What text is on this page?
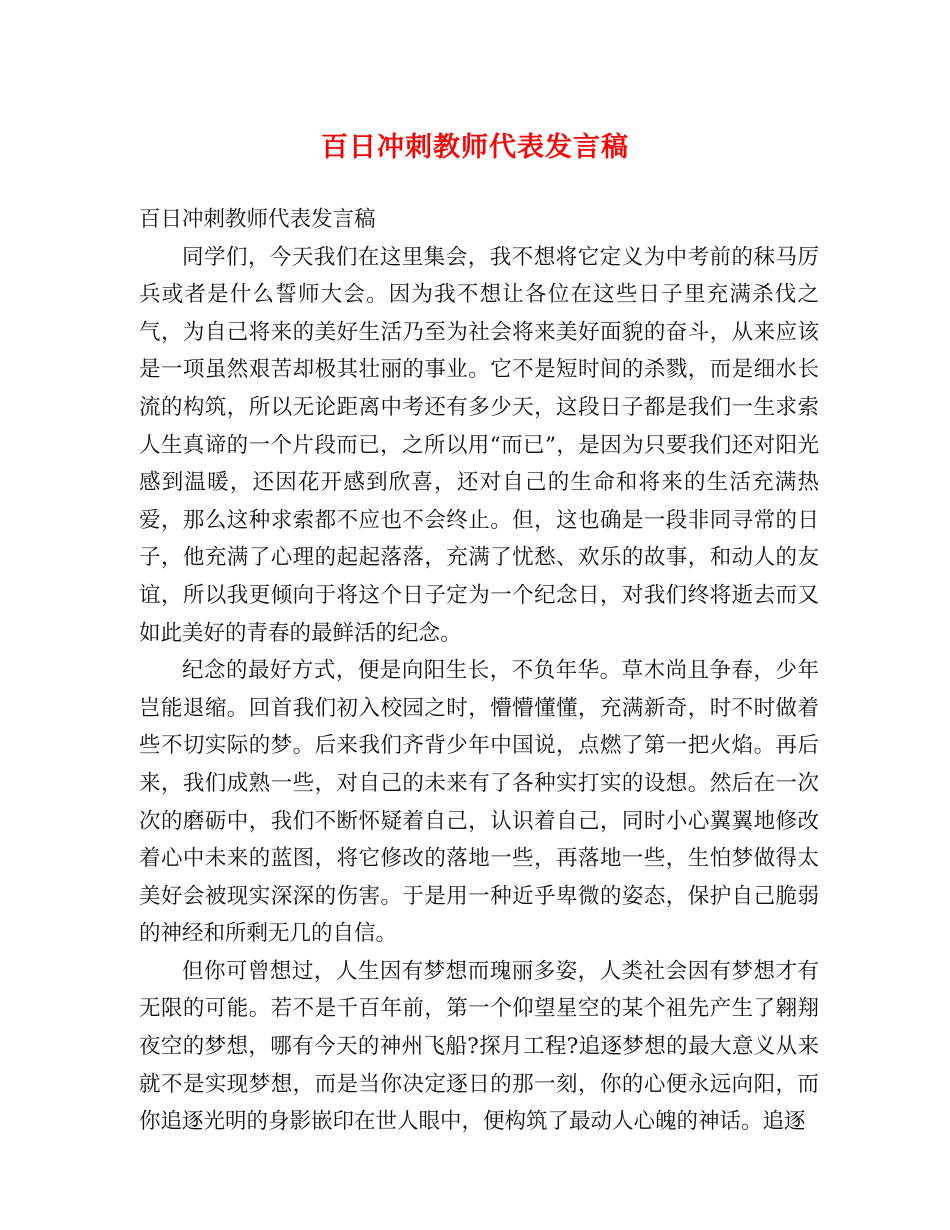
百日冲刺教师代表发言稿

百日冲刺教师代表发言稿

同学们，今天我们在这里集会，我不想将它定义为中考前的秣马厉兵或者是什么誓师大会。因为我不想让各位在这些日子里充满杀伐之气，为自己将来的美好生活乃至为社会将来美好面貌的奋斗，从来应该是一项虽然艰苦却极其壮丽的事业。它不是短时间的杀戮，而是细水长流的构筑，所以无论距离中考还有多少天，这段日子都是我们一生求索人生真谛的一个片段而已，之所以用“而已”，是因为只要我们还对阳光感到温暖，还因花开感到欣喜，还对自己的生命和将来的生活充满热爱，那么这种求索都不应也不会终止。但，这也确是一段非同寻常的日子，他充满了心理的起起落落，充满了忧愁、欢乐的故事，和动人的友谊，所以我更倾向于将这个日子定为一个纪念日，对我们终将逝去而又如此美好的青春的最鲜活的纪念。

纪念的最好方式，便是向阳生长，不负年华。草木尚且争春，少年岂能退缩。回首我们初入校园之时，懵懵懂懂，充满新奇，时不时做着些不切实际的梦。后来我们齐背少年中国说，点燃了第一把火焰。再后来，我们成熟一些，对自己的未来有了各种实打实的设想。然后在一次次的磨砺中，我们不断怀疑着自己，认识着自己，同时小心翼翼地修改着心中未来的蓝图，将它修改的落地一些，再落地一些，生怕梦做得太美好会被现实深深的伤害。于是用一种近乎卑微的姿态，保护自己脆弱的神经和所剩无几的自信。

但你可曾想过，人生因有梦想而瑰丽多姿，人类社会因有梦想才有无限的可能。若不是千百年前，第一个仰望星空的某个祖先产生了翱翔夜空的梦想，哪有今天的神州飞船?探月工程?追逐梦想的最大意义从来就不是实现梦想，而是当你决定逐日的那一刻，你的心便永远向阳，而你追逐光明的身影嵌印在世人眼中，便构筑了最动人心魄的神话。追逐
